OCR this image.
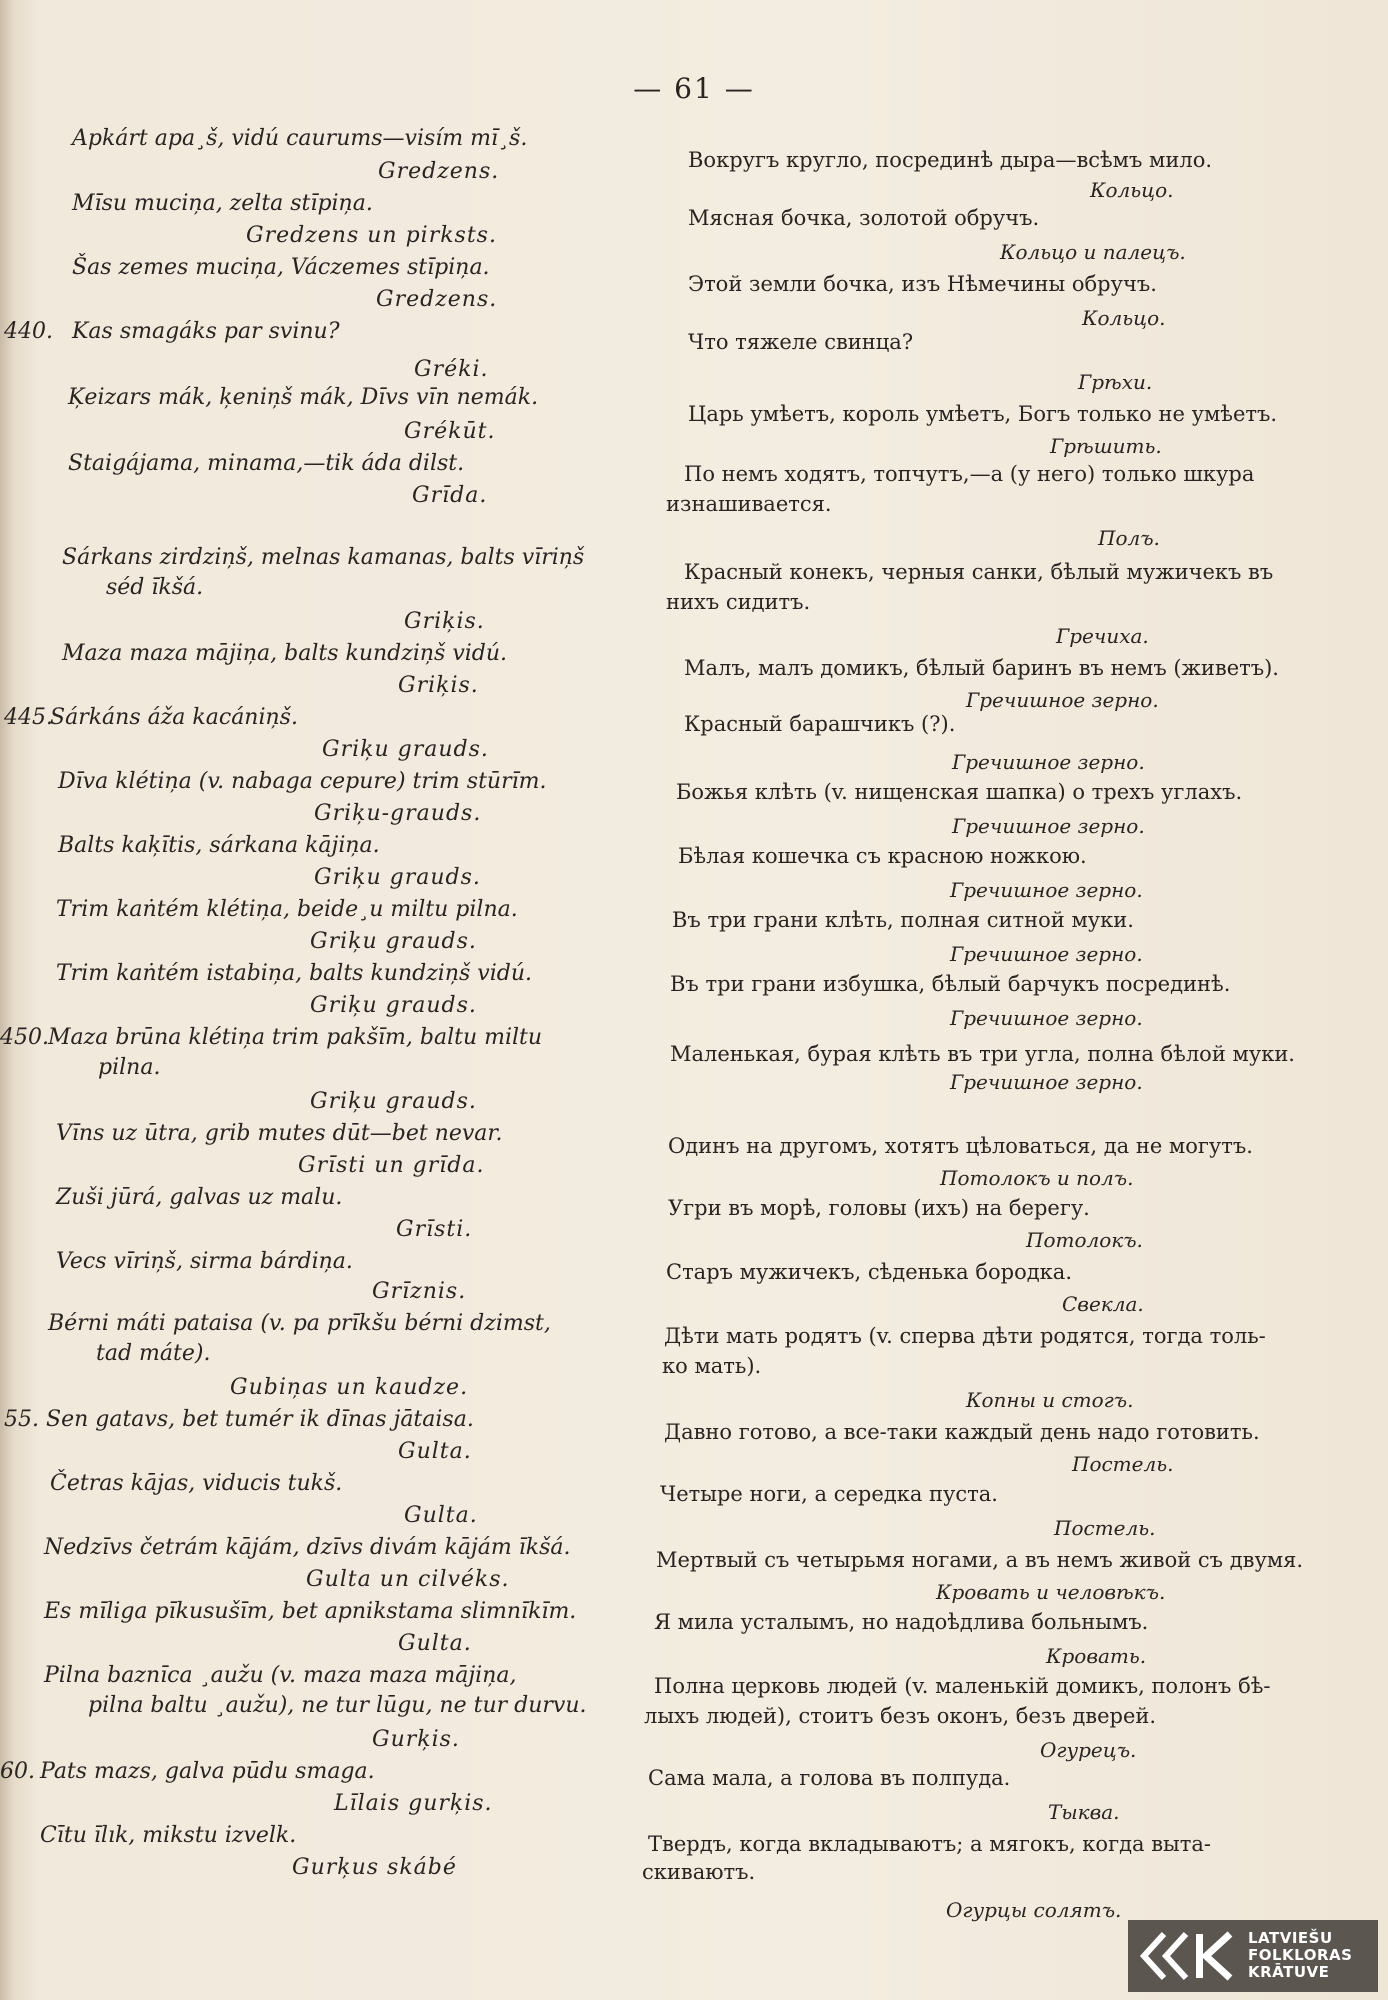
— 61 —
Apkárt apa¸š, vidú caurums—visím mı̄¸š.
Gredzens.
Mı̄su muciņa, zelta stı̄piņa.
Gredzens un pirksts.
Šas zemes muciņa, Váczemes stı̄piņa.
Gredzens.
Kas smagáks par svinu?
Gréki.
Ķeizars mák, ķeniņš mák, Dı̄vs vı̄n nemák.
Grékūt.
Staigájama, minama,—tik áda dilst.
Grı̄da.
Sárkans zirdziņš, melnas kamanas, balts vı̄riņš
séd ı̄kšá.
Griķis.
Maza maza mājiņa, balts kundziņš vidú.
Griķis.
Sárkáns áža kacániņš.
Griķu grauds.
Dı̄va klétiņa (v. nabaga cepure) trim stūrı̄m.
Griķu-grauds.
Balts kaķı̄tis, sárkana kājiņa.
Griķu grauds.
Trim kaṅtém klétiņa, beide¸u miltu pilna.
Griķu grauds.
Trim kaṅtém istabiņa, balts kundziņš vidú.
Griķu grauds.
Maza brūna klétiņa trim pakšı̄m, baltu miltu
pilna.
Griķu grauds.
Vı̄ns uz ūtra, grib mutes dūt—bet nevar.
Grı̄sti un grı̄da.
Zuši jūrá, galvas uz malu.
Grı̄sti.
Vecs vı̄riņš, sirma bárdiņa.
Grı̄znis.
Bérni máti pataisa (v. pa prı̄kšu bérni dzimst,
tad máte).
Gubiņas un kaudze.
Sen gatavs, bet tumér ik dı̄nas jātaisa.
Gulta.
Četras kājas, viducis tukš.
Gulta.
Nedzı̄vs četrám kājám, dzı̄vs divám kājám ı̄kšá.
Gulta un cilvéks.
Es mı̄liga pı̄kusušı̄m, bet apnikstama slimnı̄kı̄m.
Gulta.
Pilna baznı̄ca ¸aužu (v. maza maza mājiņa,
pilna baltu ¸aužu), ne tur lūgu, ne tur durvu.
Gurķis.
Pats mazs, galva pūdu smaga.
Lı̄lais gurķis.
Cītu ı̄lık, mikstu izvelk.
Gurķus skábé
440.
445.
450.
55.
60.
Вокругъ кругло, посрединѣ дыра—всѣмъ мило.
Кольцо.
Мясная бочка, золотой обручъ.
Кольцо и палецъ.
Этой земли бочка, изъ Нѣмечины обручъ.
Кольцо.
Что тяжеле свинца?
Грѣхи.
Царь умѣетъ, король умѣетъ, Богъ только не умѣетъ.
Грѣшить.
По немъ ходятъ, топчутъ,—а (у него) только шкура
изнашивается.
Полъ.
Красный конекъ, черныя санки, бѣлый мужичекъ въ
нихъ сидитъ.
Гречиха.
Малъ, малъ домикъ, бѣлый баринъ въ немъ (живетъ).
Гречишное зерно.
Красный барашчикъ (?).
Гречишное зерно.
Божья клѣть (v. нищенская шапка) о трехъ углахъ.
Гречишное зерно.
Бѣлая кошечка съ красною ножкою.
Гречишное зерно.
Въ три грани клѣть, полная ситной муки.
Гречишное зерно.
Въ три грани избушка, бѣлый барчукъ посрединѣ.
Гречишное зерно.
Маленькая, бурая клѣть въ три угла, полна бѣлой муки.
Гречишное зерно.
Одинъ на другомъ, хотятъ цѣловаться, да не могутъ.
Потолокъ и полъ.
Угри въ морѣ, головы (ихъ) на берегу.
Потолокъ.
Старъ мужичекъ, сѣденька бородка.
Свекла.
Дѣти мать родятъ (v. сперва дѣти родятся, тогда толь-
ко мать).
Копны и стогъ.
Давно готово, а все-таки каждый день надо готовить.
Постель.
Четыре ноги, а середка пуста.
Постель.
Мертвый съ четырьмя ногами, а въ немъ живой съ двумя.
Кровать и человѣкъ.
Я мила усталымъ, но надоѣдлива больнымъ.
Кровать.
Полна церковь людей (v. маленькій домикъ, полонъ бѣ-
лыхъ людей), стоитъ безъ оконъ, безъ дверей.
Огурецъ.
Сама мала, а голова въ полпуда.
Тыква.
Твердъ, когда вкладываютъ; а мягокъ, когда выта-
скиваютъ.
Огурцы солятъ.
LATVIEŠU
FOLKLORAS
KRĀTUVE
